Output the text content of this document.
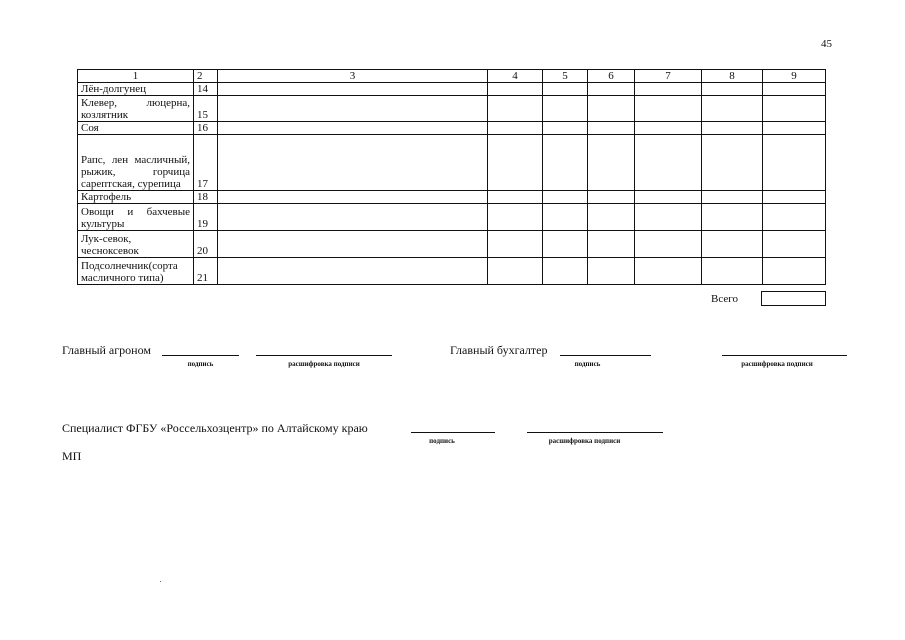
45
1	2	3	4	5	6	7	8	9
Лён-долгунец	14							
Клевер, люцерна, козлятник	15							
Соя	16							
Рапс, лен масличный, рыжик, горчица сарептская, сурепица	17							
Картофель	18							
Овощи и бахчевые культуры	19							
Лук-севок, чесноксевок	20							
Подсолнечник(сорта масличного типа)	21							
Всего
Главный агроном
подпись	расшифровка подписи
Главный бухгалтер
подпись	расшифровка подписи
Специалист ФГБУ «Россельхозцентр» по Алтайскому краю
подпись	расшифровка подписи
МП
